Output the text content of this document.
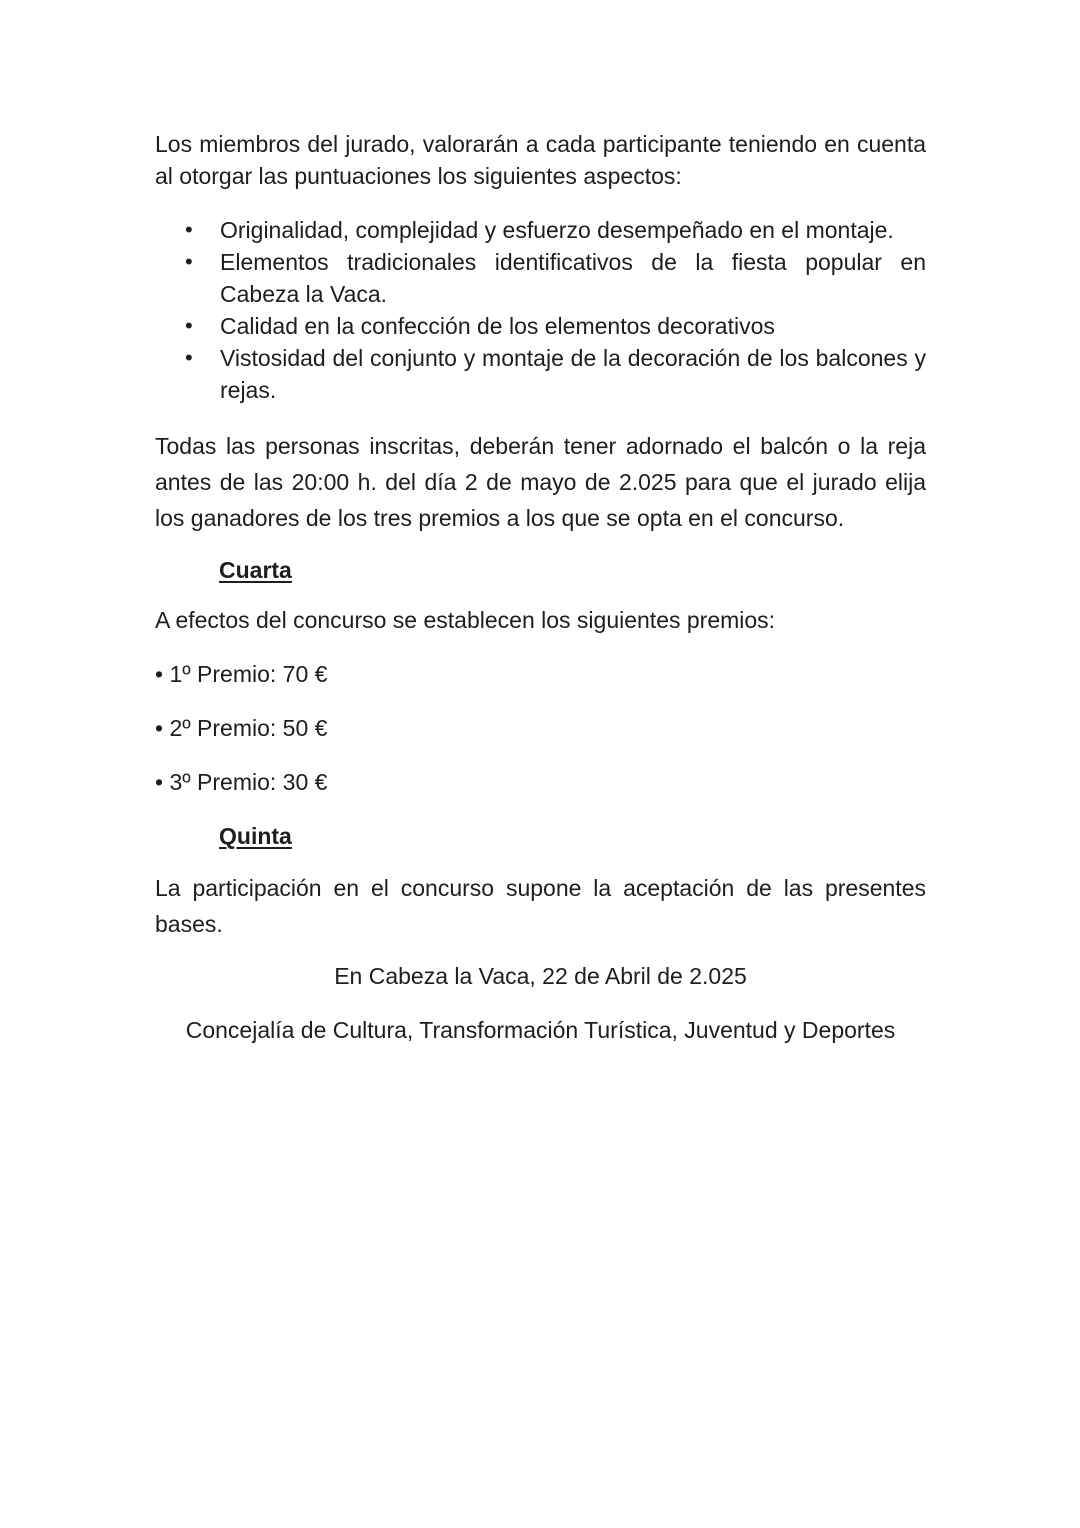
Los miembros del jurado, valorarán a cada participante teniendo en cuenta al otorgar las puntuaciones los siguientes aspectos:

• Originalidad, complejidad y esfuerzo desempeñado en el montaje.
• Elementos tradicionales identificativos de la fiesta popular en Cabeza la Vaca.
• Calidad en la confección de los elementos decorativos
• Vistosidad del conjunto y montaje de la decoración de los balcones y rejas.

Todas las personas inscritas, deberán tener adornado el balcón o la reja antes de las 20:00 h. del día 2 de mayo de 2.025 para que el jurado elija los ganadores de los tres premios a los que se opta en el concurso.

Cuarta

A efectos del concurso se establecen los siguientes premios:

• 1º Premio: 70 €

• 2º Premio: 50 €

• 3º Premio: 30 €

Quinta

La participación en el concurso supone la aceptación de las presentes bases.

En Cabeza la Vaca, 22 de Abril de 2.025

Concejalía de Cultura, Transformación Turística, Juventud y Deportes
